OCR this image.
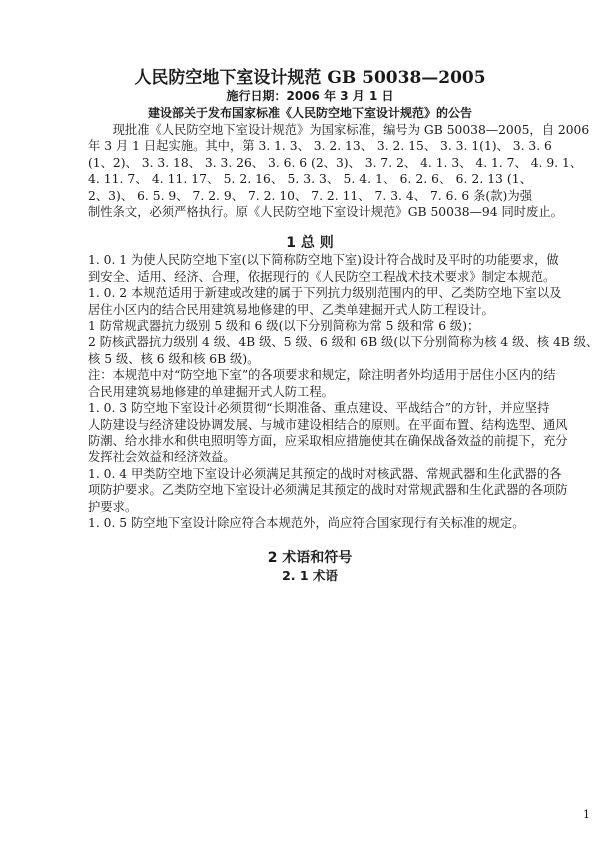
人民防空地下室设计规范 GB 50038—2005
施行日期：2006 年 3 月 1 日
建设部关于发布国家标准《人民防空地下室设计规范》的公告
现批准《人民防空地下室设计规范》为国家标准，编号为 GB 50038—2005，自 2006
年 3 月 1 日起实施。其中，第 3. 1. 3、 3. 2. 13、 3. 2. 15、 3. 3. 1(1)、 3. 3. 6
(1、2)、 3. 3. 18、 3. 3. 26、 3. 6. 6 (2、3)、 3. 7. 2、 4. 1. 3、 4. 1. 7、 4. 9. 1、
4. 11. 7、 4. 11. 17、 5. 2. 16、 5. 3. 3、 5. 4. 1、 6. 2. 6、 6. 2. 13 (1、
2、3)、 6. 5. 9、 7. 2. 9、 7. 2. 10、 7. 2. 11、 7. 3. 4、 7. 6. 6 条(款)为强
制性条文，必须严格执行。原《人民防空地下室设计规范》GB 50038—94 同时废止。
1 总 则
1. 0. 1 为使人民防空地下室(以下简称防空地下室)设计符合战时及平时的功能要求，做
到安全、适用、经济、合理，依据现行的《人民防空工程战术技术要求》制定本规范。
1. 0. 2 本规范适用于新建或改建的属于下列抗力级别范围内的甲、乙类防空地下室以及
居住小区内的结合民用建筑易地修建的甲、乙类单建掘开式人防工程设计。
1 防常规武器抗力级别 5 级和 6 级(以下分别简称为常 5 级和常 6 级)；
2 防核武器抗力级别 4 级、4B 级、5 级、6 级和 6B 级(以下分别简称为核 4 级、核 4B 级、
核 5 级、核 6 级和核 6B 级)。
注：本规范中对“防空地下室”的各项要求和规定，除注明者外均适用于居住小区内的结
合民用建筑易地修建的单建掘开式人防工程。
1. 0. 3 防空地下室设计必须贯彻“长期准备、重点建设、平战结合”的方针，并应坚持
人防建设与经济建设协调发展、与城市建设相结合的原则。在平面布置、结构选型、通风
防潮、给水排水和供电照明等方面，应采取相应措施使其在确保战备效益的前提下，充分
发挥社会效益和经济效益。
1. 0. 4 甲类防空地下室设计必须满足其预定的战时对核武器、常规武器和生化武器的各
项防护要求。乙类防空地下室设计必须满足其预定的战时对常规武器和生化武器的各项防
护要求。
1. 0. 5 防空地下室设计除应符合本规范外，尚应符合国家现行有关标准的规定。
2 术语和符号
2. 1 术语
1
